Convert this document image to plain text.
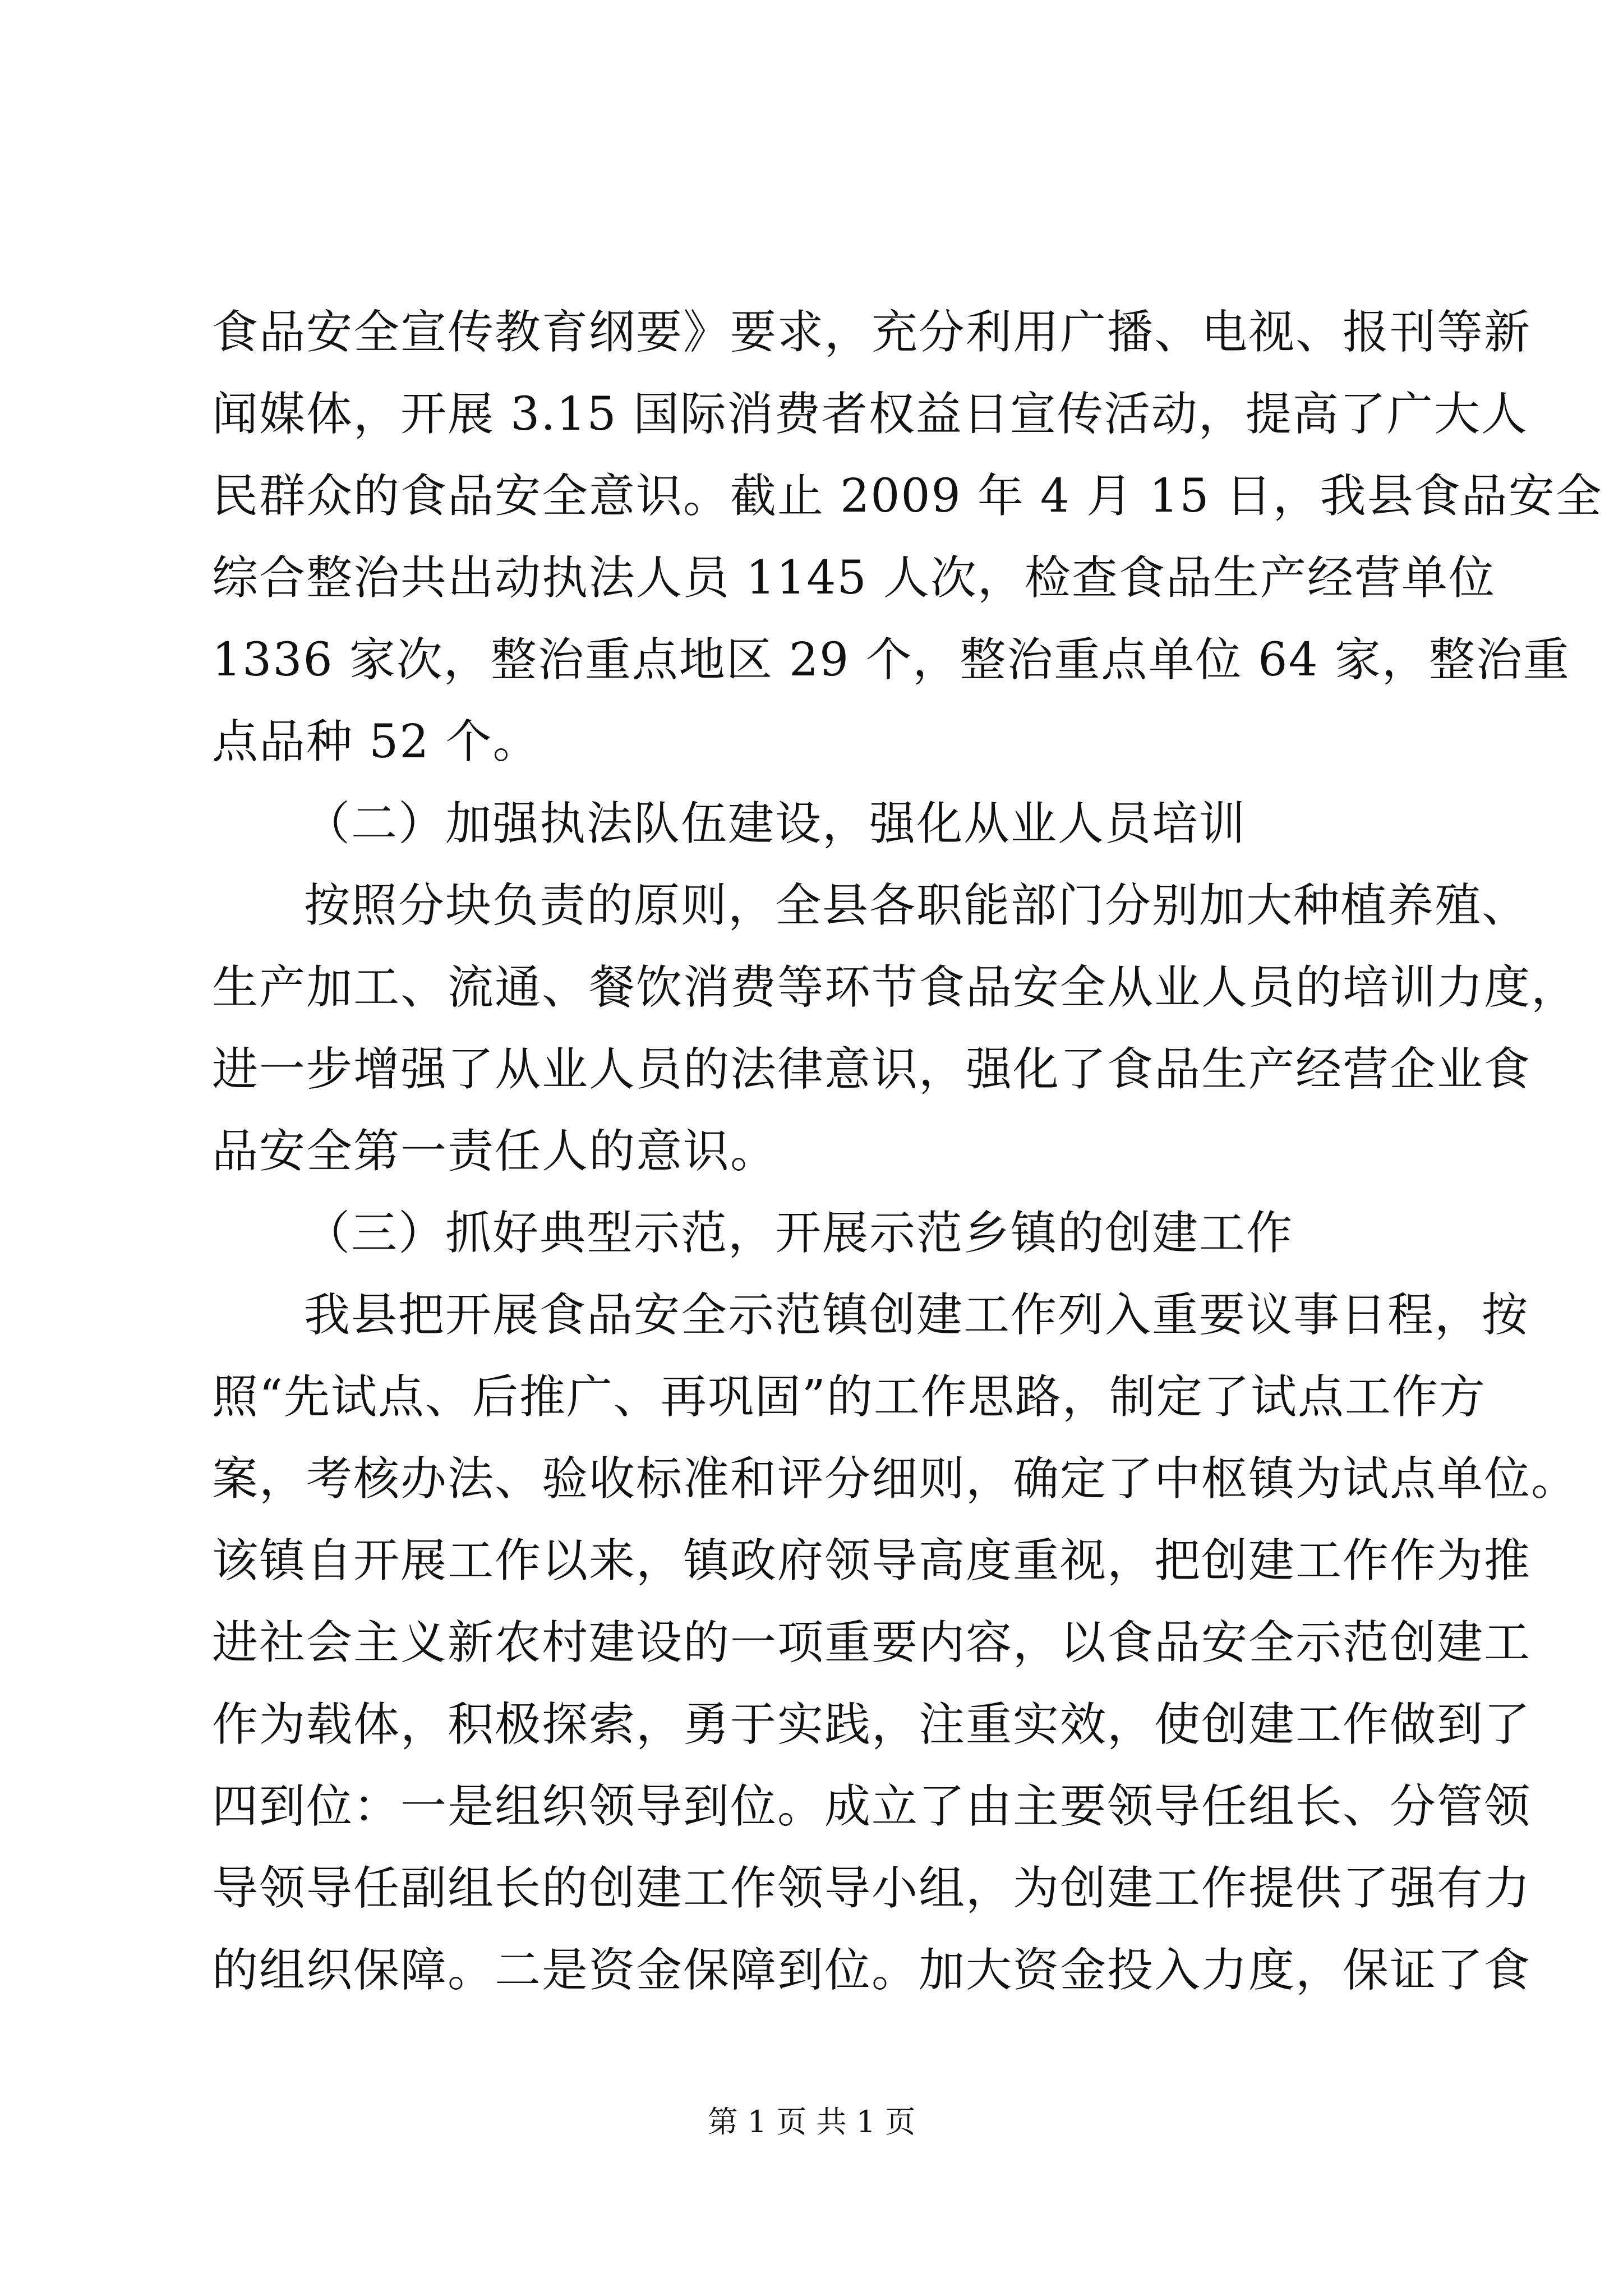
食品安全宣传教育纲要》要求，充分利用广播、电视、报刊等新
闻媒体，开展 3.15 国际消费者权益日宣传活动，提高了广大人
民群众的食品安全意识。截止 2009 年 4 月 15 日，我县食品安全
综合整治共出动执法人员 1145 人次，检查食品生产经营单位
1336 家次，整治重点地区 29 个，整治重点单位 64 家，整治重
点品种 52 个。
（二）加强执法队伍建设，强化从业人员培训
按照分块负责的原则，全县各职能部门分别加大种植养殖、
生产加工、流通、餐饮消费等环节食品安全从业人员的培训力度，
进一步增强了从业人员的法律意识，强化了食品生产经营企业食
品安全第一责任人的意识。
（三）抓好典型示范，开展示范乡镇的创建工作
我县把开展食品安全示范镇创建工作列入重要议事日程，按
照“先试点、后推广、再巩固”的工作思路，制定了试点工作方
案，考核办法、验收标准和评分细则，确定了中枢镇为试点单位。
该镇自开展工作以来，镇政府领导高度重视，把创建工作作为推
进社会主义新农村建设的一项重要内容，以食品安全示范创建工
作为载体，积极探索，勇于实践，注重实效，使创建工作做到了
四到位：一是组织领导到位。成立了由主要领导任组长、分管领
导领导任副组长的创建工作领导小组，为创建工作提供了强有力
的组织保障。二是资金保障到位。加大资金投入力度，保证了食
第 1 页 共 1 页
